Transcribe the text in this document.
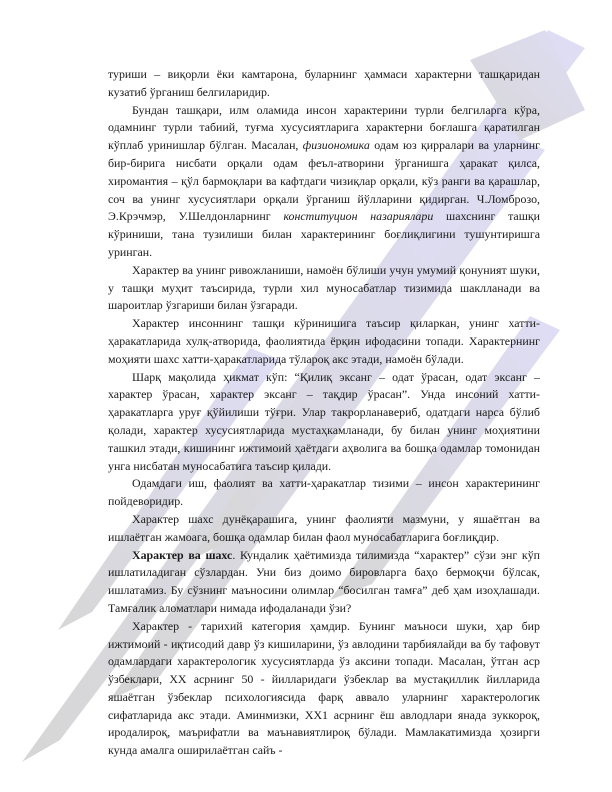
туриши – виқорли ёки камтарона, буларнинг ҳаммаси характерни ташқаридан кузатиб ўрганиш белгиларидир.

Бундан ташқари, илм оламида инсон характерини турли белгиларга кўра, одамнинг турли табиий, туғма хусусиятларига характерни боғлашга қаратилган кўплаб уринишлар бўлган. Масалан, физиономика одам юз қирралари ва уларнинг бир-бирига нисбати орқали одам феъл-атворини ўрганишга ҳаракат қилса, хиромантия – қўл бармоқлари ва кафтдаги чизиқлар орқали, кўз ранги ва қарашлар, соч ва унинг хусусиятлари орқали ўрганиш йўлларини қидирган. Ч.Ломброзо, Э.Крэчмэр, У.Шелдонларнинг конституцион назариялари шахснинг ташқи кўриниши, тана тузилиши билан характерининг боғлиқлигини тушунтиришга уринган.

Характер ва унинг ривожланиши, намоён бўлиши учун умумий қонуният шуки, у ташқи муҳит таъсирида, турли хил муносабатлар тизимида шаклланади ва шароитлар ўзгариши билан ўзгаради.

Характер инсоннинг ташқи кўринишига таъсир қиларкан, унинг хатти-ҳаракатларида хулқ-атворида, фаолиятида ёрқин ифодасини топади. Характернинг моҳияти шахс хатти-ҳаракатларида тўлароқ акс этади, намоён бўлади.

Шарқ мақолида ҳикмат кўп: “Қилиқ эксанг – одат ўрасан, одат эксанг – характер ўрасан, характер эксанг – тақдир ўрасан”. Унда инсоний хатти-ҳаракатларга уруғ қўйилиши тўғри. Улар такрорланавериб, одатдаги нарса бўлиб қолади, характер хусусиятларида мустаҳкамланади, бу билан унинг моҳиятини ташкил этади, кишининг ижтимоий ҳаётдаги аҳволига ва бошқа одамлар томонидан унга нисбатан муносабатига таъсир қилади.

Одамдаги иш, фаолият ва хатти-ҳаракатлар тизими – инсон характерининг пойдеворидир.

Характер шахс дунёқарашига, унинг фаолияти мазмуни, у яшаётган ва ишлаётган жамоага, бошқа одамлар билан фаол муносабатларига боғлиқдир.

Характер ва шахс. Кундалик ҳаётимизда тилимизда “характер” сўзи энг кўп ишлатиладиган сўзлардан. Уни биз доимо бировларга баҳо бермоқчи бўлсак, ишлатамиз. Бу сўзнинг маъносини олимлар “босилган тамға” деб ҳам изоҳлашади. Тамғалик аломатлари нимада ифодаланади ўзи?

Характер - тарихий категория ҳамдир. Бунинг маъноси шуки, ҳар бир ижтимоий - иқтисодий давр ўз кишиларини, ўз авлодини тарбиялайди ва бу тафовут одамлардаги характерологик хусусиятларда ўз аксини топади. Масалан, ўтган аср ўзбеклари, ХХ асрнинг 50 - йилларидаги ўзбеклар ва мустақиллик йилларида яшаётган ўзбеклар психологиясида фарқ аввало уларнинг характерологик сифатларида акс этади. Аминмизки, ХХ1 асрнинг ёш авлодлари янада зуккороқ, иродалироқ, маърифатли ва маънавиятлироқ бўлади. Мамлакатимизда ҳозирги кунда амалга оширилаётган сайъ -
